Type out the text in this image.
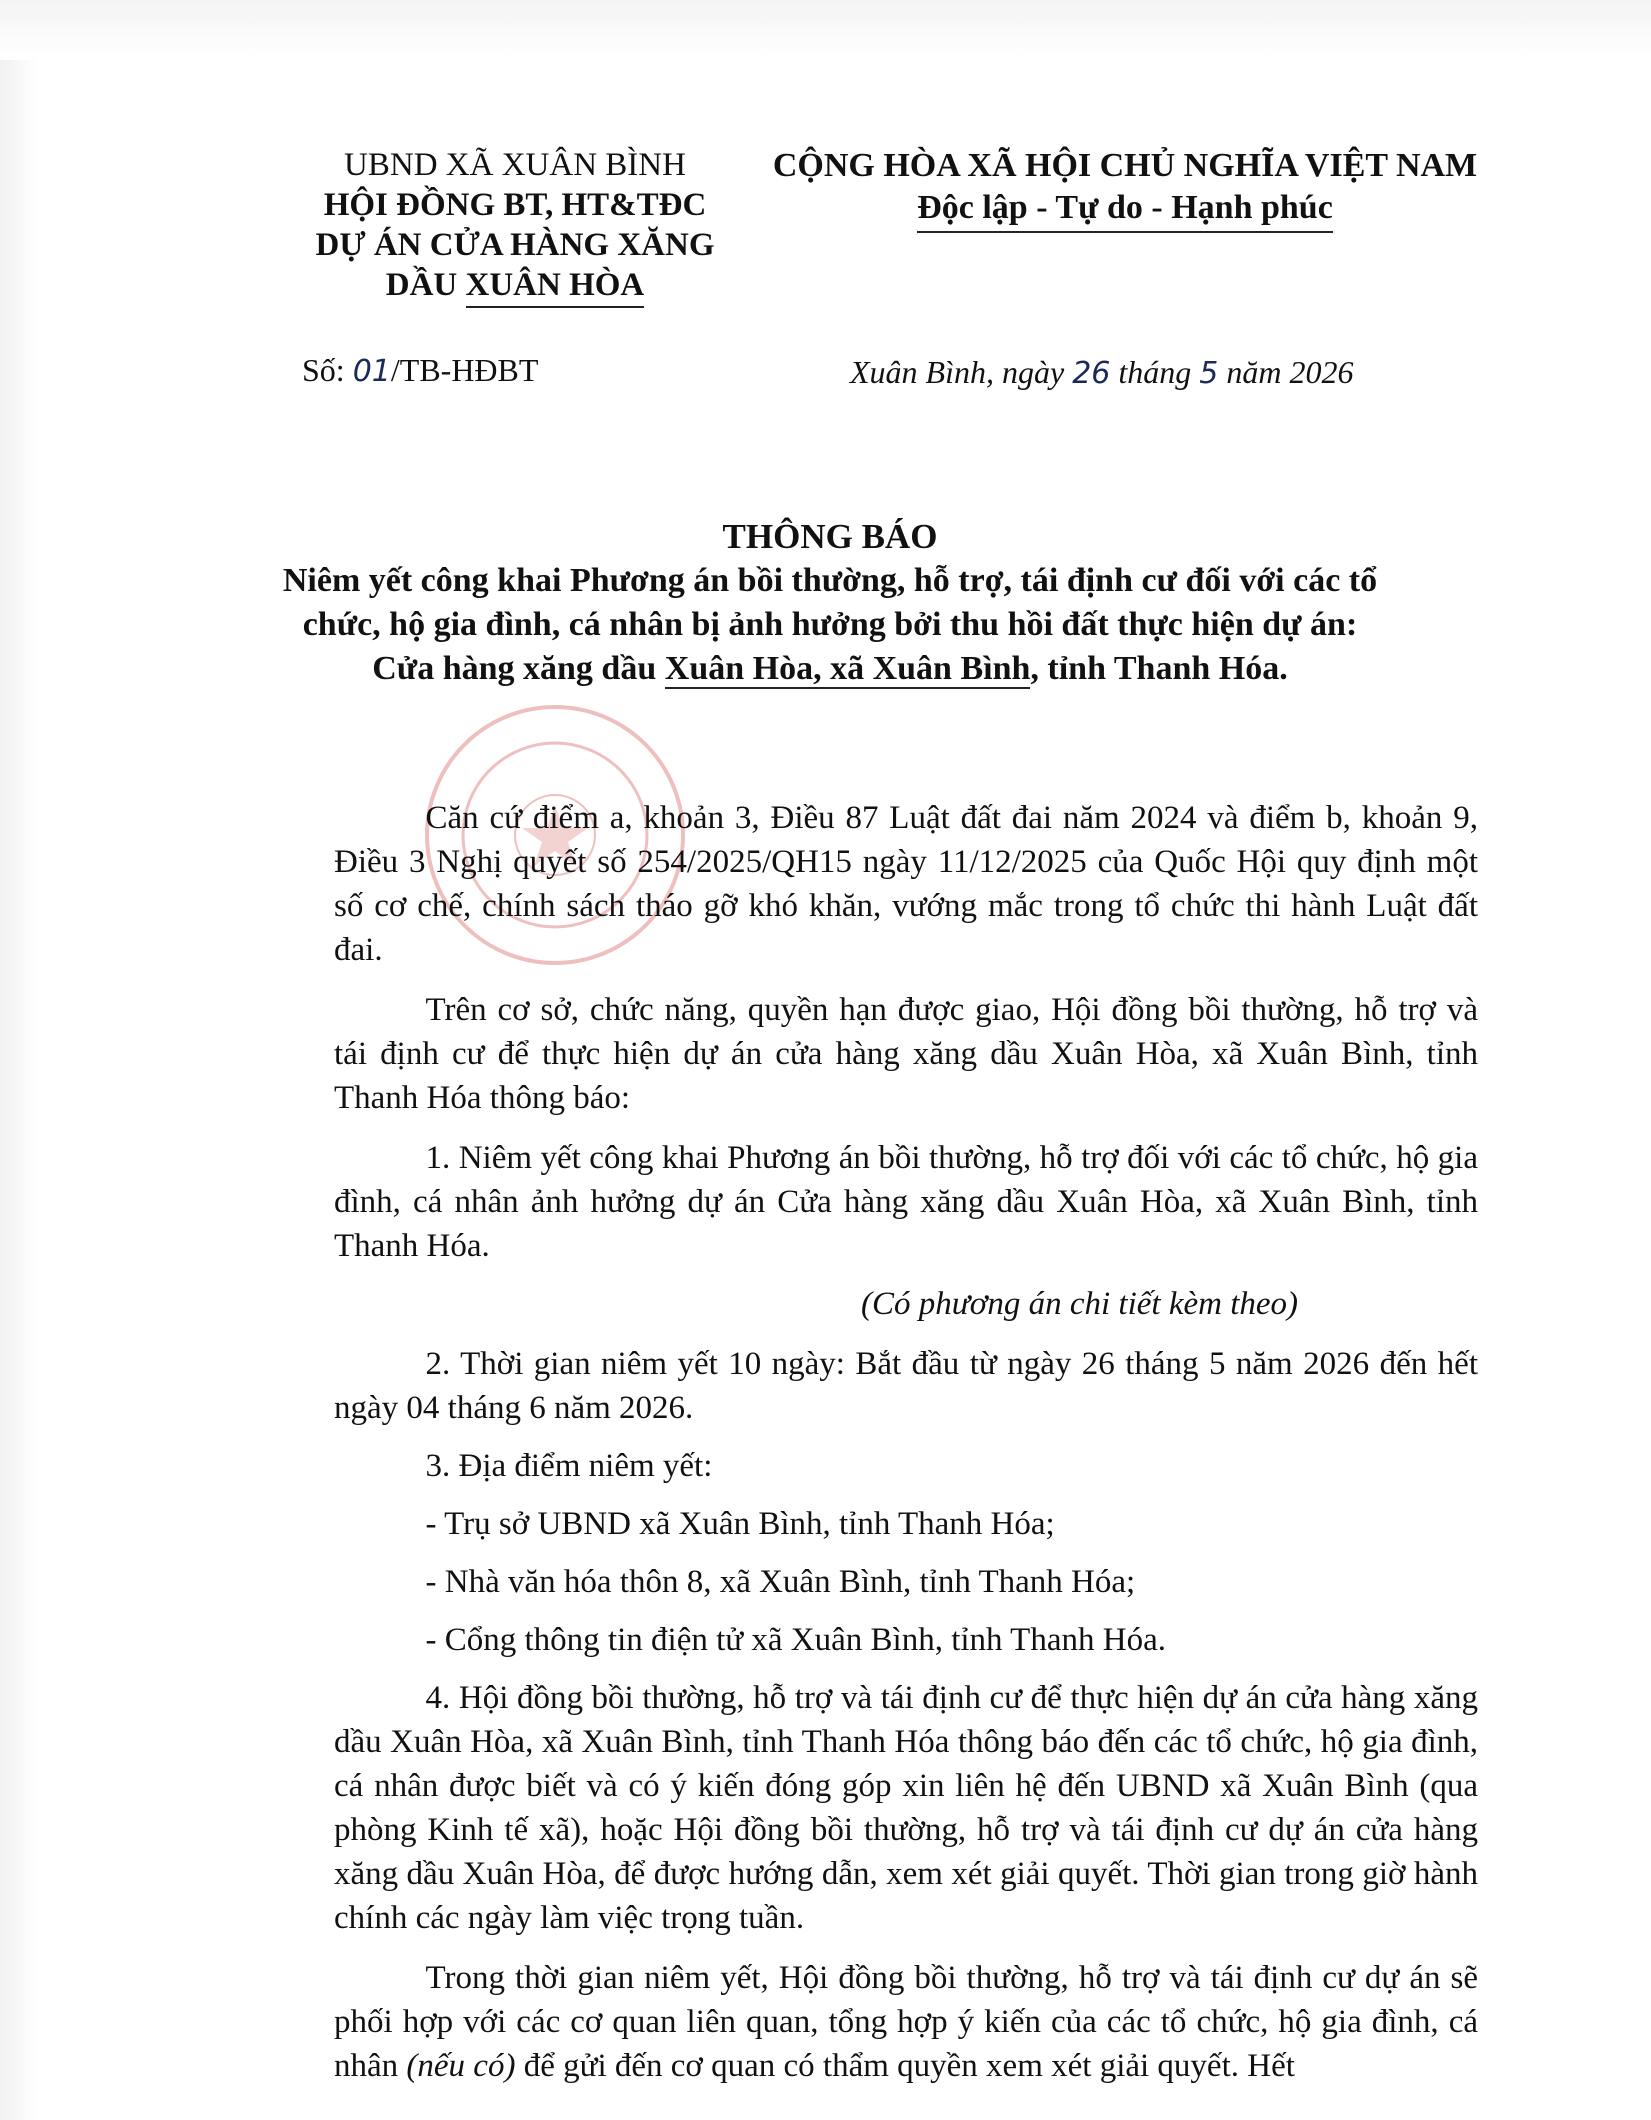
UBND XÃ XUÂN BÌNH
HỘI ĐỒNG BT, HT&TĐC
DỰ ÁN CỬA HÀNG XĂNG
DẦU XUÂN HÒA
CỘNG HÒA XÃ HỘI CHỦ NGHĨA VIỆT NAM
Độc lập - Tự do - Hạnh phúc
Số: 01/TB-HĐBT	Xuân Bình, ngày 26 tháng 5 năm 2026
THÔNG BÁO
Niêm yết công khai Phương án bồi thường, hỗ trợ, tái định cư đối với các tổ
chức, hộ gia đình, cá nhân bị ảnh hưởng bởi thu hồi đất thực hiện dự án:
Cửa hàng xăng dầu Xuân Hòa, xã Xuân Bình, tỉnh Thanh Hóa.

Căn cứ điểm a, khoản 3, Điều 87 Luật đất đai năm 2024 và điểm b, khoản 9, Điều 3 Nghị quyết số 254/2025/QH15 ngày 11/12/2025 của Quốc Hội quy định một số cơ chế, chính sách tháo gỡ khó khăn, vướng mắc trong tổ chức thi hành Luật đất đai.

Trên cơ sở, chức năng, quyền hạn được giao, Hội đồng bồi thường, hỗ trợ và tái định cư để thực hiện dự án cửa hàng xăng dầu Xuân Hòa, xã Xuân Bình, tỉnh Thanh Hóa thông báo:

1. Niêm yết công khai Phương án bồi thường, hỗ trợ đối với các tổ chức, hộ gia đình, cá nhân ảnh hưởng dự án Cửa hàng xăng dầu Xuân Hòa, xã Xuân Bình, tỉnh Thanh Hóa.

(Có phương án chi tiết kèm theo)

2. Thời gian niêm yết 10 ngày: Bắt đầu từ ngày 26 tháng 5 năm 2026 đến hết ngày 04 tháng 6 năm 2026.

3. Địa điểm niêm yết:

- Trụ sở UBND xã Xuân Bình, tỉnh Thanh Hóa;

- Nhà văn hóa thôn 8, xã Xuân Bình, tỉnh Thanh Hóa;

- Cổng thông tin điện tử xã Xuân Bình, tỉnh Thanh Hóa.

4. Hội đồng bồi thường, hỗ trợ và tái định cư để thực hiện dự án cửa hàng xăng dầu Xuân Hòa, xã Xuân Bình, tỉnh Thanh Hóa thông báo đến các tổ chức, hộ gia đình, cá nhân được biết và có ý kiến đóng góp xin liên hệ đến UBND xã Xuân Bình (qua phòng Kinh tế xã), hoặc Hội đồng bồi thường, hỗ trợ và tái định cư dự án cửa hàng xăng dầu Xuân Hòa, để được hướng dẫn, xem xét giải quyết. Thời gian trong giờ hành chính các ngày làm việc trọng tuần.

Trong thời gian niêm yết, Hội đồng bồi thường, hỗ trợ và tái định cư dự án sẽ phối hợp với các cơ quan liên quan, tổng hợp ý kiến của các tổ chức, hộ gia đình, cá nhân (nếu có) để gửi đến cơ quan có thẩm quyền xem xét giải quyết. Hết
